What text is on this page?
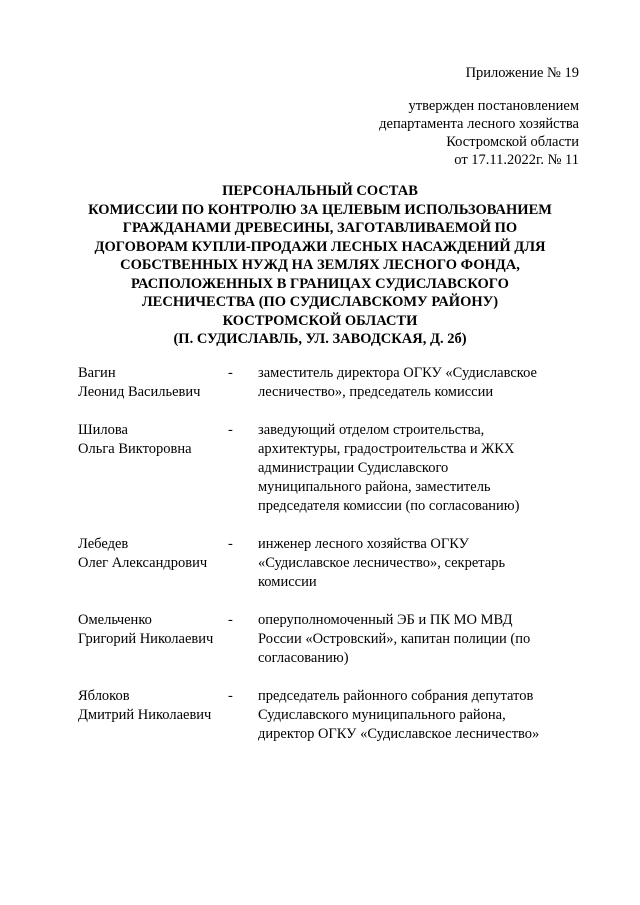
Приложение № 19
утвержден постановлением
департамента лесного хозяйства
Костромской области
от 17.11.2022г. № 11
ПЕРСОНАЛЬНЫЙ СОСТАВ
КОМИССИИ ПО КОНТРОЛЮ ЗА ЦЕЛЕВЫМ ИСПОЛЬЗОВАНИЕМ
ГРАЖДАНАМИ ДРЕВЕСИНЫ, ЗАГОТАВЛИВАЕМОЙ ПО
ДОГОВОРАМ КУПЛИ-ПРОДАЖИ ЛЕСНЫХ НАСАЖДЕНИЙ ДЛЯ
СОБСТВЕННЫХ НУЖД НА ЗЕМЛЯХ ЛЕСНОГО ФОНДА,
РАСПОЛОЖЕННЫХ В ГРАНИЦАХ СУДИСЛАВСКОГО
ЛЕСНИЧЕСТВА (ПО СУДИСЛАВСКОМУ РАЙОНУ)
КОСТРОМСКОЙ ОБЛАСТИ
(П. СУДИСЛАВЛЬ, УЛ. ЗАВОДСКАЯ, Д. 2б)
Вагин
Леонид Васильевич
-	заместитель директора ОГКУ «Судиславское
лесничество», председатель комиссии
Шилова
Ольга Викторовна
-	заведующий отделом строительства,
архитектуры, градостроительства и ЖКХ
администрации Судиславского
муниципального района, заместитель
председателя комиссии (по согласованию)
Лебедев
Олег Александрович
-	инженер лесного хозяйства ОГКУ
«Судиславское лесничество», секретарь
комиссии
Омельченко
Григорий Николаевич
-	оперуполномоченный ЭБ и ПК МО МВД
России «Островский», капитан полиции (по
согласованию)
Яблоков
Дмитрий Николаевич
-	председатель районного собрания депутатов
Судиславского муниципального района,
директор ОГКУ «Судиславское лесничество»
